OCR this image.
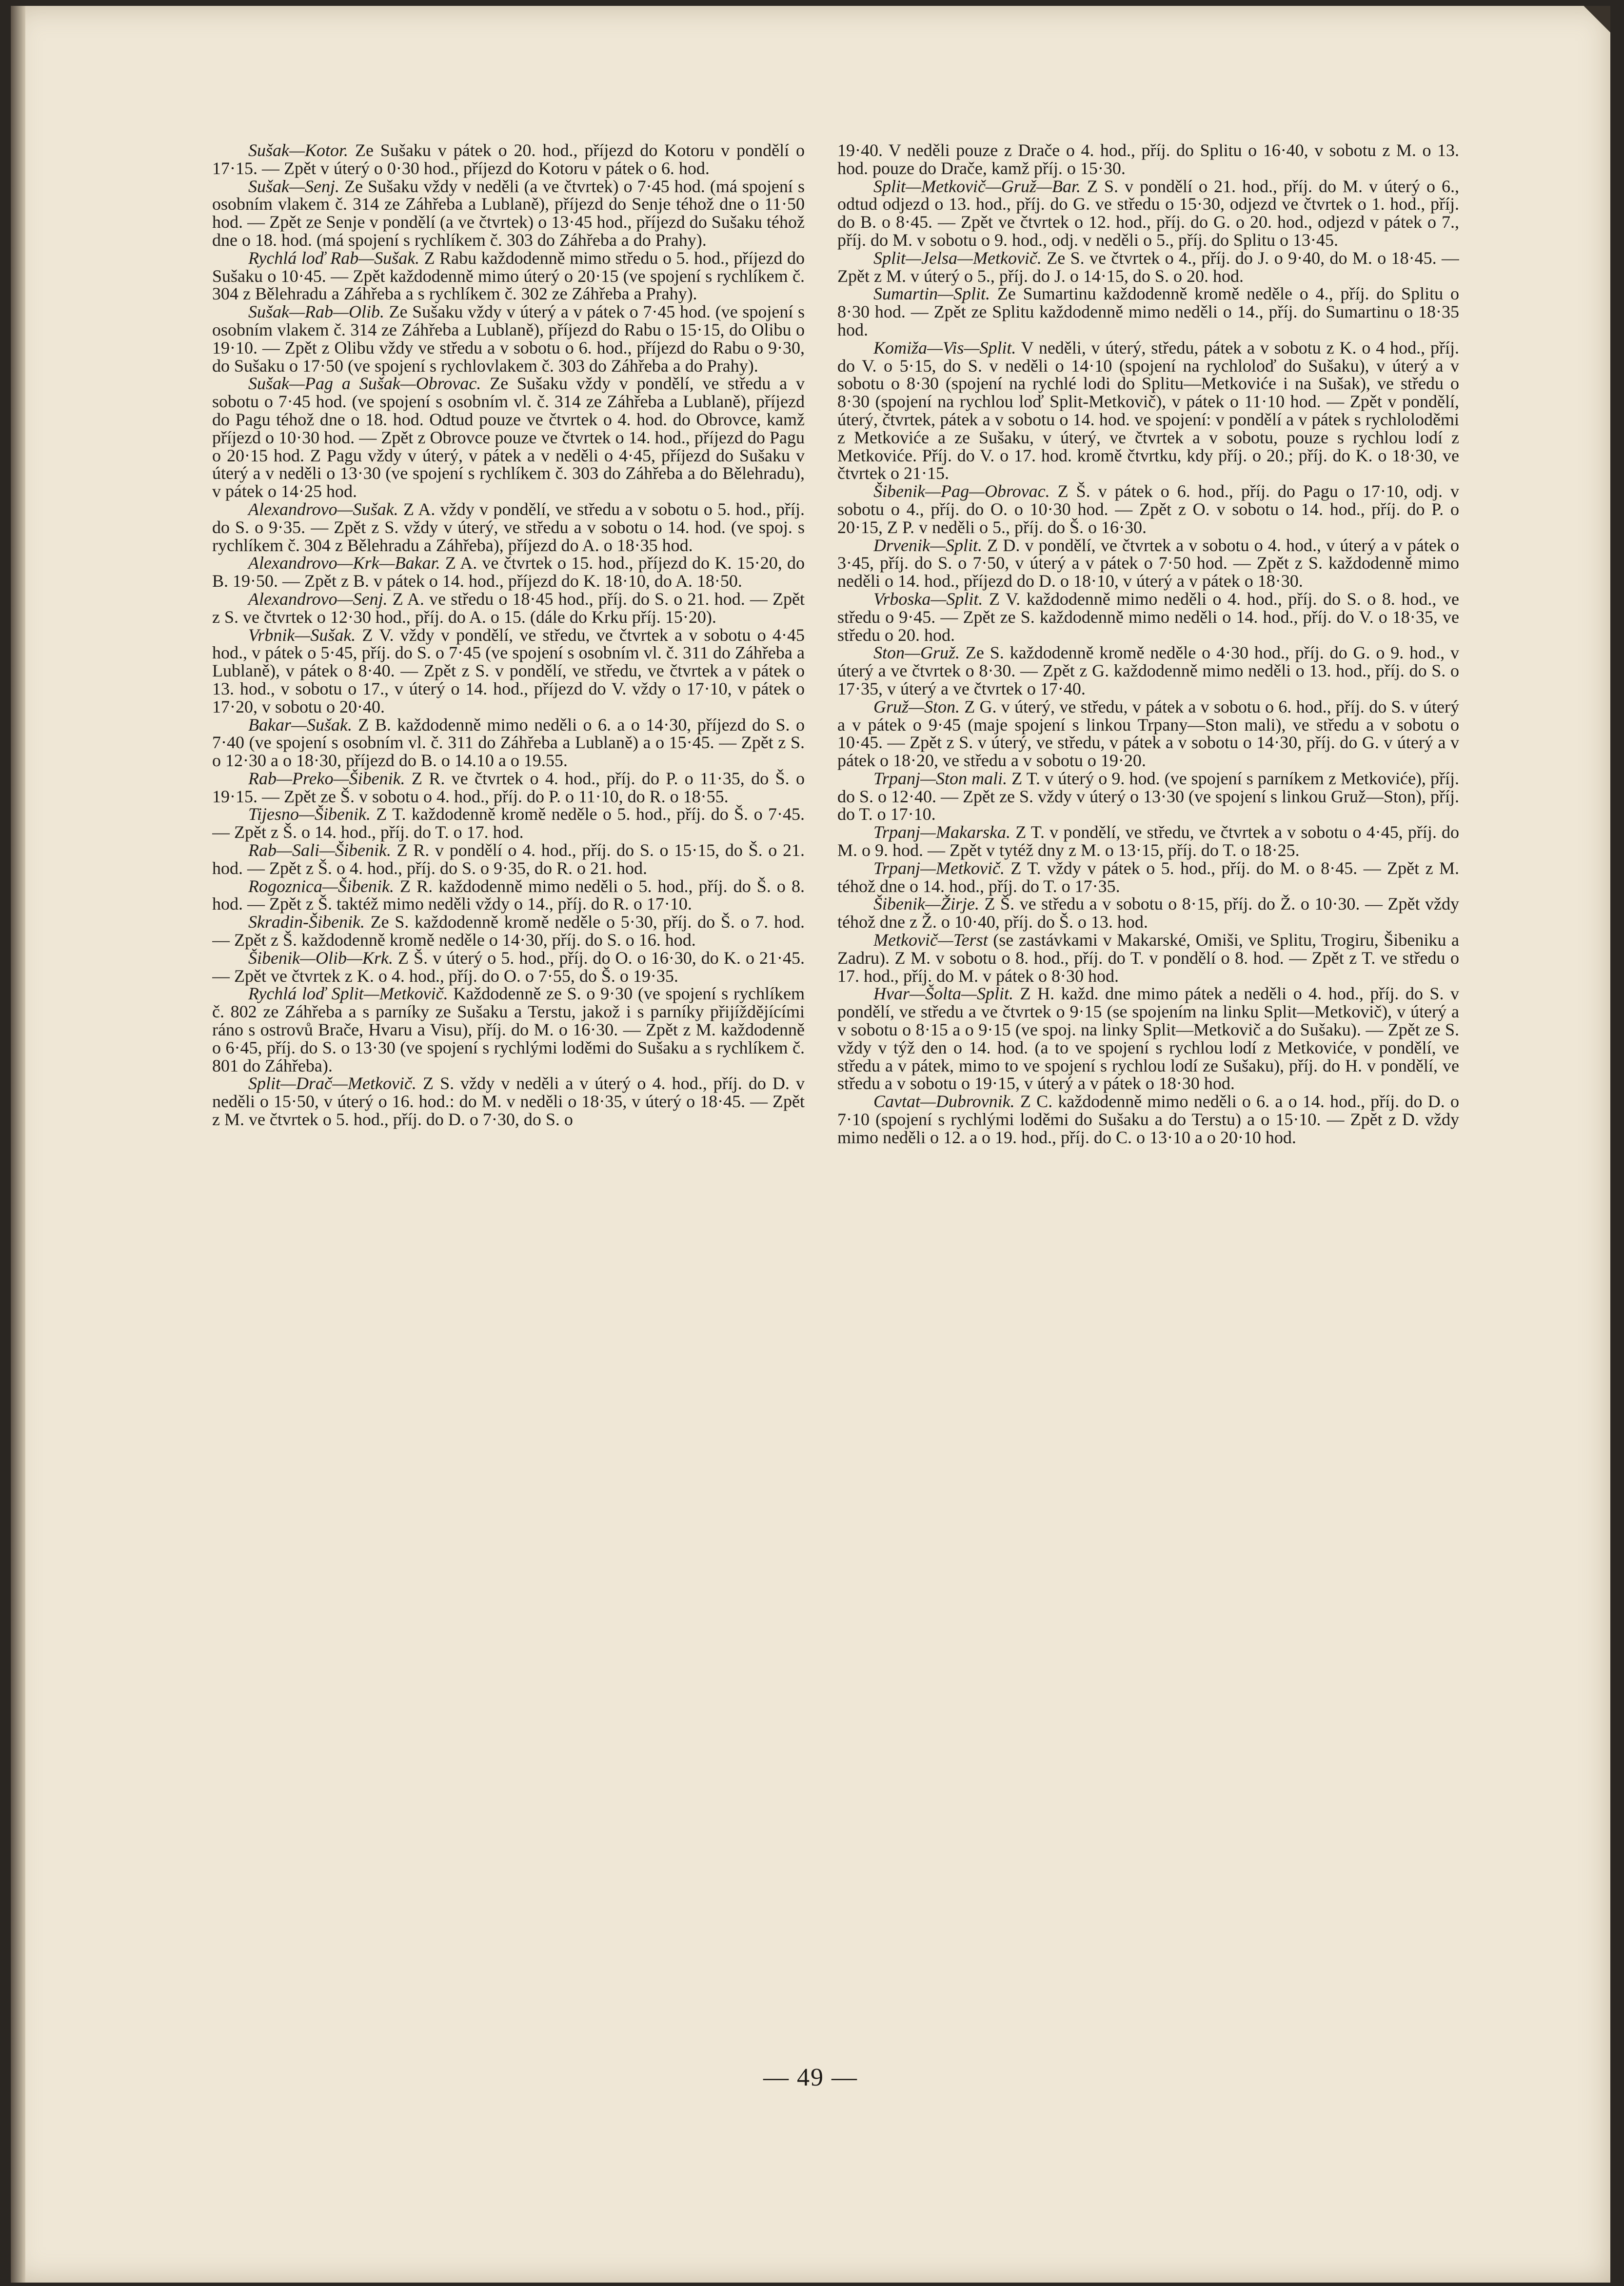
Sušak—Kotor. Ze Sušaku v pátek o 20. hod., příjezd do Kotoru v pondělí o 17·15. — Zpět v úterý o 0·30 hod., příjezd do Kotoru v pátek o 6. hod.

Sušak—Senj. Ze Sušaku vždy v neděli (a ve čtvrtek) o 7·45 hod. (má spojení s osobním vlakem č. 314 ze Záhřeba a Lublaně), příjezd do Senje téhož dne o 11·50 hod. — Zpět ze Senje v pondělí (a ve čtvrtek) o 13·45 hod., příjezd do Sušaku téhož dne o 18. hod. (má spojení s rychlíkem č. 303 do Záhřeba a do Prahy).

Rychlá loď Rab—Sušak. Z Rabu každodenně mimo středu o 5. hod., příjezd do Sušaku o 10·45. — Zpět každodenně mimo úterý o 20·15 (ve spojení s rychlíkem č. 304 z Bělehradu a Záhřeba a s rychlíkem č. 302 ze Záhřeba a Prahy).

Sušak—Rab—Olib. Ze Sušaku vždy v úterý a v pátek o 7·45 hod. (ve spojení s osobním vlakem č. 314 ze Záhřeba a Lublaně), příjezd do Rabu o 15·15, do Olibu o 19·10. — Zpět z Olibu vždy ve středu a v sobotu o 6. hod., příjezd do Rabu o 9·30, do Sušaku o 17·50 (ve spojení s rychlovlakem č. 303 do Záhřeba a do Prahy).

Sušak—Pag a Sušak—Obrovac. Ze Sušaku vždy v pondělí, ve středu a v sobotu o 7·45 hod. (ve spojení s osobním vl. č. 314 ze Záhřeba a Lublaně), příjezd do Pagu téhož dne o 18. hod. Odtud pouze ve čtvrtek o 4. hod. do Obrovce, kamž příjezd o 10·30 hod. — Zpět z Obrovce pouze ve čtvrtek o 14. hod., příjezd do Pagu o 20·15 hod. Z Pagu vždy v úterý, v pátek a v neděli o 4·45, příjezd do Sušaku v úterý a v neděli o 13·30 (ve spojení s rychlíkem č. 303 do Záhřeba a do Bělehradu), v pátek o 14·25 hod.

Alexandrovo—Sušak. Z A. vždy v pondělí, ve středu a v sobotu o 5. hod., příj. do S. o 9·35. — Zpět z S. vždy v úterý, ve středu a v sobotu o 14. hod. (ve spoj. s rychlíkem č. 304 z Bělehradu a Záhřeba), příjezd do A. o 18·35 hod.

Alexandrovo—Krk—Bakar. Z A. ve čtvrtek o 15. hod., příjezd do K. 15·20, do B. 19·50. — Zpět z B. v pátek o 14. hod., příjezd do K. 18·10, do A. 18·50.

Alexandrovo—Senj. Z A. ve středu o 18·45 hod., příj. do S. o 21. hod. — Zpět z S. ve čtvrtek o 12·30 hod., příj. do A. o 15. (dále do Krku příj. 15·20).

Vrbnik—Sušak. Z V. vždy v pondělí, ve středu, ve čtvrtek a v sobotu o 4·45 hod., v pátek o 5·45, příj. do S. o 7·45 (ve spojení s osobním vl. č. 311 do Záhřeba a Lublaně), v pátek o 8·40. — Zpět z S. v pondělí, ve středu, ve čtvrtek a v pátek o 13. hod., v sobotu o 17., v úterý o 14. hod., příjezd do V. vždy o 17·10, v pátek o 17·20, v sobotu o 20·40.

Bakar—Sušak. Z B. každodenně mimo neděli o 6. a o 14·30, příjezd do S. o 7·40 (ve spojení s osobním vl. č. 311 do Záhřeba a Lublaně) a o 15·45. — Zpět z S. o 12·30 a o 18·30, příjezd do B. o 14.10 a o 19.55.

Rab—Preko—Šibenik. Z R. ve čtvrtek o 4. hod., příj. do P. o 11·35, do Š. o 19·15. — Zpět ze Š. v sobotu o 4. hod., příj. do P. o 11·10, do R. o 18·55.

Tijesno—Šibenik. Z T. každodenně kromě neděle o 5. hod., příj. do Š. o 7·45. — Zpět z Š. o 14. hod., příj. do T. o 17. hod.

Rab—Sali—Šibenik. Z R. v pondělí o 4. hod., příj. do S. o 15·15, do Š. o 21. hod. — Zpět z Š. o 4. hod., příj. do S. o 9·35, do R. o 21. hod.

Rogoznica—Šibenik. Z R. každodenně mimo neděli o 5. hod., příj. do Š. o 8. hod. — Zpět z Š. taktéž mimo neděli vždy o 14., příj. do R. o 17·10.

Skradin-Šibenik. Ze S. každodenně kromě neděle o 5·30, příj. do Š. o 7. hod. — Zpět z Š. každodenně kromě neděle o 14·30, příj. do S. o 16. hod.

Šibenik—Olib—Krk. Z Š. v úterý o 5. hod., příj. do O. o 16·30, do K. o 21·45. — Zpět ve čtvrtek z K. o 4. hod., příj. do O. o 7·55, do Š. o 19·35.

Rychlá loď Split—Metkovič. Každodenně ze S. o 9·30 (ve spojení s rychlíkem č. 802 ze Záhřeba a s parníky ze Sušaku a Terstu, jakož i s parníky přijíždějícími ráno s ostrovů Brače, Hvaru a Visu), příj. do M. o 16·30. — Zpět z M. každodenně o 6·45, příj. do S. o 13·30 (ve spojení s rychlými loděmi do Sušaku a s rychlíkem č. 801 do Záhřeba).

Split—Drač—Metkovič. Z S. vždy v neděli a v úterý o 4. hod., příj. do D. v neděli o 15·50, v úterý o 16. hod.: do M. v neděli o 18·35, v úterý o 18·45. — Zpět z M. ve čtvrtek o 5. hod., příj. do D. o 7·30, do S. o

19·40. V neděli pouze z Drače o 4. hod., příj. do Splitu o 16·40, v sobotu z M. o 13. hod. pouze do Drače, kamž příj. o 15·30.

Split—Metkovič—Gruž—Bar. Z S. v pondělí o 21. hod., příj. do M. v úterý o 6., odtud odjezd o 13. hod., příj. do G. ve středu o 15·30, odjezd ve čtvrtek o 1. hod., příj. do B. o 8·45. — Zpět ve čtvrtek o 12. hod., příj. do G. o 20. hod., odjezd v pátek o 7., příj. do M. v sobotu o 9. hod., odj. v neděli o 5., příj. do Splitu o 13·45.

Split—Jelsa—Metkovič. Ze S. ve čtvrtek o 4., příj. do J. o 9·40, do M. o 18·45. — Zpět z M. v úterý o 5., příj. do J. o 14·15, do S. o 20. hod.

Sumartin—Split. Ze Sumartinu každodenně kromě neděle o 4., příj. do Splitu o 8·30 hod. — Zpět ze Splitu každodenně mimo neděli o 14., příj. do Sumartinu o 18·35 hod.

Komiža—Vis—Split. V neděli, v úterý, středu, pátek a v sobotu z K. o 4 hod., příj. do V. o 5·15, do S. v neděli o 14·10 (spojení na rychloloď do Sušaku), v úterý a v sobotu o 8·30 (spojení na rychlé lodi do Splitu—Metkoviće i na Sušak), ve středu o 8·30 (spojení na rychlou loď Split-Metkovič), v pátek o 11·10 hod. — Zpět v pondělí, úterý, čtvrtek, pátek a v sobotu o 14. hod. ve spojení: v pondělí a v pátek s rychloloděmi z Metkoviće a ze Sušaku, v úterý, ve čtvrtek a v sobotu, pouze s rychlou lodí z Metkoviće. Příj. do V. o 17. hod. kromě čtvrtku, kdy příj. o 20.; příj. do K. o 18·30, ve čtvrtek o 21·15.

Šibenik—Pag—Obrovac. Z Š. v pátek o 6. hod., příj. do Pagu o 17·10, odj. v sobotu o 4., příj. do O. o 10·30 hod. — Zpět z O. v sobotu o 14. hod., příj. do P. o 20·15, Z P. v neděli o 5., příj. do Š. o 16·30.

Drvenik—Split. Z D. v pondělí, ve čtvrtek a v sobotu o 4. hod., v úterý a v pátek o 3·45, příj. do S. o 7·50, v úterý a v pátek o 7·50 hod. — Zpět z S. každodenně mimo neděli o 14. hod., příjezd do D. o 18·10, v úterý a v pátek o 18·30.

Vrboska—Split. Z V. každodenně mimo neděli o 4. hod., příj. do S. o 8. hod., ve středu o 9·45. — Zpět ze S. každodenně mimo neděli o 14. hod., příj. do V. o 18·35, ve středu o 20. hod.

Ston—Gruž. Ze S. každodenně kromě neděle o 4·30 hod., příj. do G. o 9. hod., v úterý a ve čtvrtek o 8·30. — Zpět z G. každodenně mimo neděli o 13. hod., příj. do S. o 17·35, v úterý a ve čtvrtek o 17·40.

Gruž—Ston. Z G. v úterý, ve středu, v pátek a v sobotu o 6. hod., příj. do S. v úterý a v pátek o 9·45 (maje spojení s linkou Trpany—Ston mali), ve středu a v sobotu o 10·45. — Zpět z S. v úterý, ve středu, v pátek a v sobotu o 14·30, příj. do G. v úterý a v pátek o 18·20, ve středu a v sobotu o 19·20.

Trpanj—Ston mali. Z T. v úterý o 9. hod. (ve spojení s parníkem z Metkoviće), příj. do S. o 12·40. — Zpět ze S. vždy v úterý o 13·30 (ve spojení s linkou Gruž—Ston), příj. do T. o 17·10.

Trpanj—Makarska. Z T. v pondělí, ve středu, ve čtvrtek a v sobotu o 4·45, příj. do M. o 9. hod. — Zpět v tytéž dny z M. o 13·15, příj. do T. o 18·25.

Trpanj—Metkovič. Z T. vždy v pátek o 5. hod., příj. do M. o 8·45. — Zpět z M. téhož dne o 14. hod., příj. do T. o 17·35.

Šibenik—Žirje. Z Š. ve středu a v sobotu o 8·15, příj. do Ž. o 10·30. — Zpět vždy téhož dne z Ž. o 10·40, příj. do Š. o 13. hod.

Metkovič—Terst (se zastávkami v Makarské, Omiši, ve Splitu, Trogiru, Šibeniku a Zadru). Z M. v sobotu o 8. hod., příj. do T. v pondělí o 8. hod. — Zpět z T. ve středu o 17. hod., příj. do M. v pátek o 8·30 hod.

Hvar—Šolta—Split. Z H. každ. dne mimo pátek a neděli o 4. hod., příj. do S. v pondělí, ve středu a ve čtvrtek o 9·15 (se spojením na linku Split—Metkovič), v úterý a v sobotu o 8·15 a o 9·15 (ve spoj. na linky Split—Metkovič a do Sušaku). — Zpět ze S. vždy v týž den o 14. hod. (a to ve spojení s rychlou lodí z Metkoviće, v pondělí, ve středu a v pátek, mimo to ve spojení s rychlou lodí ze Sušaku), příj. do H. v pondělí, ve středu a v sobotu o 19·15, v úterý a v pátek o 18·30 hod.

Cavtat—Dubrovnik. Z C. každodenně mimo neděli o 6. a o 14. hod., příj. do D. o 7·10 (spojení s rychlými loděmi do Sušaku a do Terstu) a o 15·10. — Zpět z D. vždy mimo neděli o 12. a o 19. hod., příj. do C. o 13·10 a o 20·10 hod.

— 49 —
